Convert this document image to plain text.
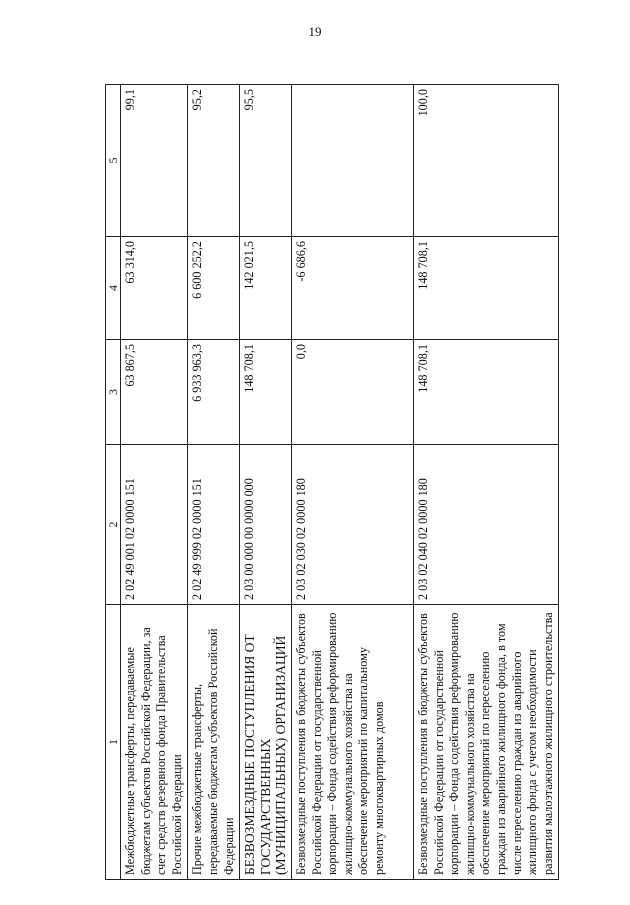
19
1	2	3	4	5
Межбюджетные трансферты, передаваемые бюджетам субъектов Российской Федерации, за счет средств резервного фонда Правительства Российской Федерации	2 02 49 001 02 0000 151	63 867,5	63 314,0	99,1
Прочие межбюджетные трансферты, передаваемые бюджетам субъектов Российской Федерации	2 02 49 999 02 0000 151	6 933 963,3	6 600 252,2	95,2
БЕЗВОЗМЕЗДНЫЕ ПОСТУПЛЕНИЯ ОТ ГОСУДАРСТВЕННЫХ (МУНИЦИПАЛЬНЫХ) ОРГАНИЗАЦИЙ	2 03 00 000 00 0000 000	148 708,1	142 021,5	95,5
Безвозмездные поступления в бюджеты субъектов Российской Федерации от государственной корпорации – Фонда содействия реформированию жилищно-коммунального хозяйства на обеспечение мероприятий по капитальному ремонту многоквартирных домов	2 03 02 030 02 0000 180	0,0	-6 686,6	
Безвозмездные поступления в бюджеты субъектов Российской Федерации от государственной корпорации – Фонда содействия реформированию жилищно-коммунального хозяйства на обеспечение мероприятий по переселению граждан из аварийного жилищного фонда, в том числе переселению граждан из аварийного жилищного фонда с учетом необходимости развития малоэтажного жилищного строительства	2 03 02 040 02 0000 180	148 708,1	148 708,1	100,0
